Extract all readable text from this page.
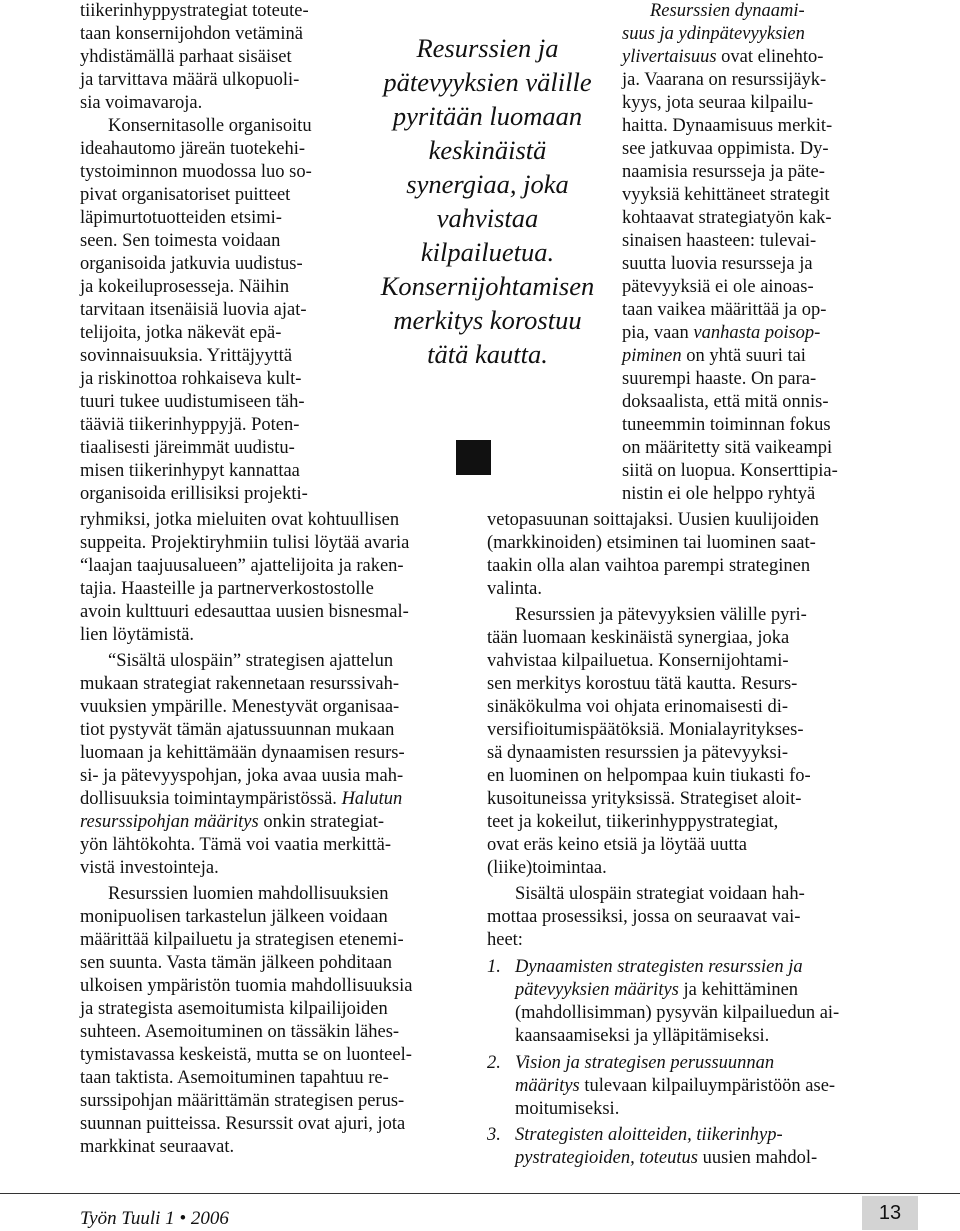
tiikerinhyppystrategiat toteute-

taan konsernijohdon vetäminä

yhdistämällä parhaat sisäiset

ja tarvittava määrä ulkopuoli-

sia voimavaroja.

Konsernitasolle organisoitu

ideahautomo järeän tuotekehi-

tystoiminnon muodossa luo so-

pivat organisatoriset puitteet

läpimurtotuotteiden etsimi-

seen. Sen toimesta voidaan

organisoida jatkuvia uudistus-

ja kokeiluprosesseja. Näihin

tarvitaan itsenäisiä luovia ajat-

telijoita, jotka näkevät epä-

sovinnaisuuksia. Yrittäjyyttä

ja riskinottoa rohkaiseva kult-

tuuri tukee uudistumiseen täh-

tääviä tiikerinhyppyjä. Poten-

tiaalisesti järeimmät uudistu-

misen tiikerinhypyt kannattaa

organisoida erillisiksi projekti-

ryhmiksi, jotka mieluiten ovat kohtuullisen

suppeita. Projektiryhmiin tulisi löytää avaria

“laajan taajuusalueen” ajattelijoita ja raken-

tajia. Haasteille ja partnerverkostostolle

avoin kulttuuri edesauttaa uusien bisnesmal-

lien löytämistä.

“Sisältä ulospäin” strategisen ajattelun

mukaan strategiat rakennetaan resurssivah-

vuuksien ympärille. Menestyvät organisaa-

tiot pystyvät tämän ajatussuunnan mukaan

luomaan ja kehittämään dynaamisen resurs-

si- ja pätevyyspohjan, joka avaa uusia mah-

dollisuuksia toimintaympäristössä. Halutun

resurssipohjan määritys onkin strategiat-

yön lähtökohta. Tämä voi vaatia merkittä-

vistä investointeja.

Resurssien luomien mahdollisuuksien

monipuolisen tarkastelun jälkeen voidaan

määrittää kilpailuetu ja strategisen etenemi-

sen suunta. Vasta tämän jälkeen pohditaan

ulkoisen ympäristön tuomia mahdollisuuksia

ja strategista asemoitumista kilpailijoiden

suhteen. Asemoituminen on tässäkin lähes-

tymistavassa keskeistä, mutta se on luonteel-

taan taktista. Asemoituminen tapahtuu re-

surssipohjan määrittämän strategisen perus-

suunnan puitteissa. Resurssit ovat ajuri, jota

markkinat seuraavat.

Resurssien ja

pätevyyksien välille

pyritään luomaan

keskinäistä

synergiaa, joka

vahvistaa

kilpailuetua.

Konsernijohtamisen

merkitys korostuu

tätä kautta.

Resurssien dynaami-

suus ja ydinpätevyyksien

ylivertaisuus ovat elinehto-

ja. Vaarana on resurssijäyk-

kyys, jota seuraa kilpailu-

haitta. Dynaamisuus merkit-

see jatkuvaa oppimista. Dy-

naamisia resursseja ja päte-

vyyksiä kehittäneet strategit

kohtaavat strategiatyön kak-

sinaisen haasteen: tulevai-

suutta luovia resursseja ja

pätevyyksiä ei ole ainoas-

taan vaikea määrittää ja op-

pia, vaan vanhasta poisop-

piminen on yhtä suuri tai

suurempi haaste. On para-

doksaalista, että mitä onnis-

tuneemmin toiminnan fokus

on määritetty sitä vaikeampi

siitä on luopua. Konserttipia-

nistin ei ole helppo ryhtyä

vetopasuunan soittajaksi. Uusien kuulijoiden

(markkinoiden) etsiminen tai luominen saat-

taakin olla alan vaihtoa parempi strateginen

valinta.

Resurssien ja pätevyyksien välille pyri-

tään luomaan keskinäistä synergiaa, joka

vahvistaa kilpailuetua. Konsernijohtami-

sen merkitys korostuu tätä kautta. Resurs-

sinäkökulma voi ohjata erinomaisesti di-

versifioitumispäätöksiä. Monialayritykses-

sä dynaamisten resurssien ja pätevyyksi-

en luominen on helpompaa kuin tiukasti fo-

kusoituneissa yrityksissä. Strategiset aloit-

teet ja kokeilut, tiikerinhyppystrategiat,

ovat eräs keino etsiä ja löytää uutta

(liike)toimintaa.

Sisältä ulospäin strategiat voidaan hah-

mottaa prosessiksi, jossa on seuraavat vai-

heet:

1. Dynaamisten strategisten resurssien ja

pätevyyksien määritys ja kehittäminen

(mahdollisimman) pysyvän kilpailuedun ai-

kaansaamiseksi ja ylläpitämiseksi.

2. Vision ja strategisen perussuunnan

määritys tulevaan kilpailuympäristöön ase-

moitumiseksi.

3. Strategisten aloitteiden, tiikerinhyp-

pystrategioiden, toteutus uusien mahdol-

Työn Tuuli 1 • 2006	13
